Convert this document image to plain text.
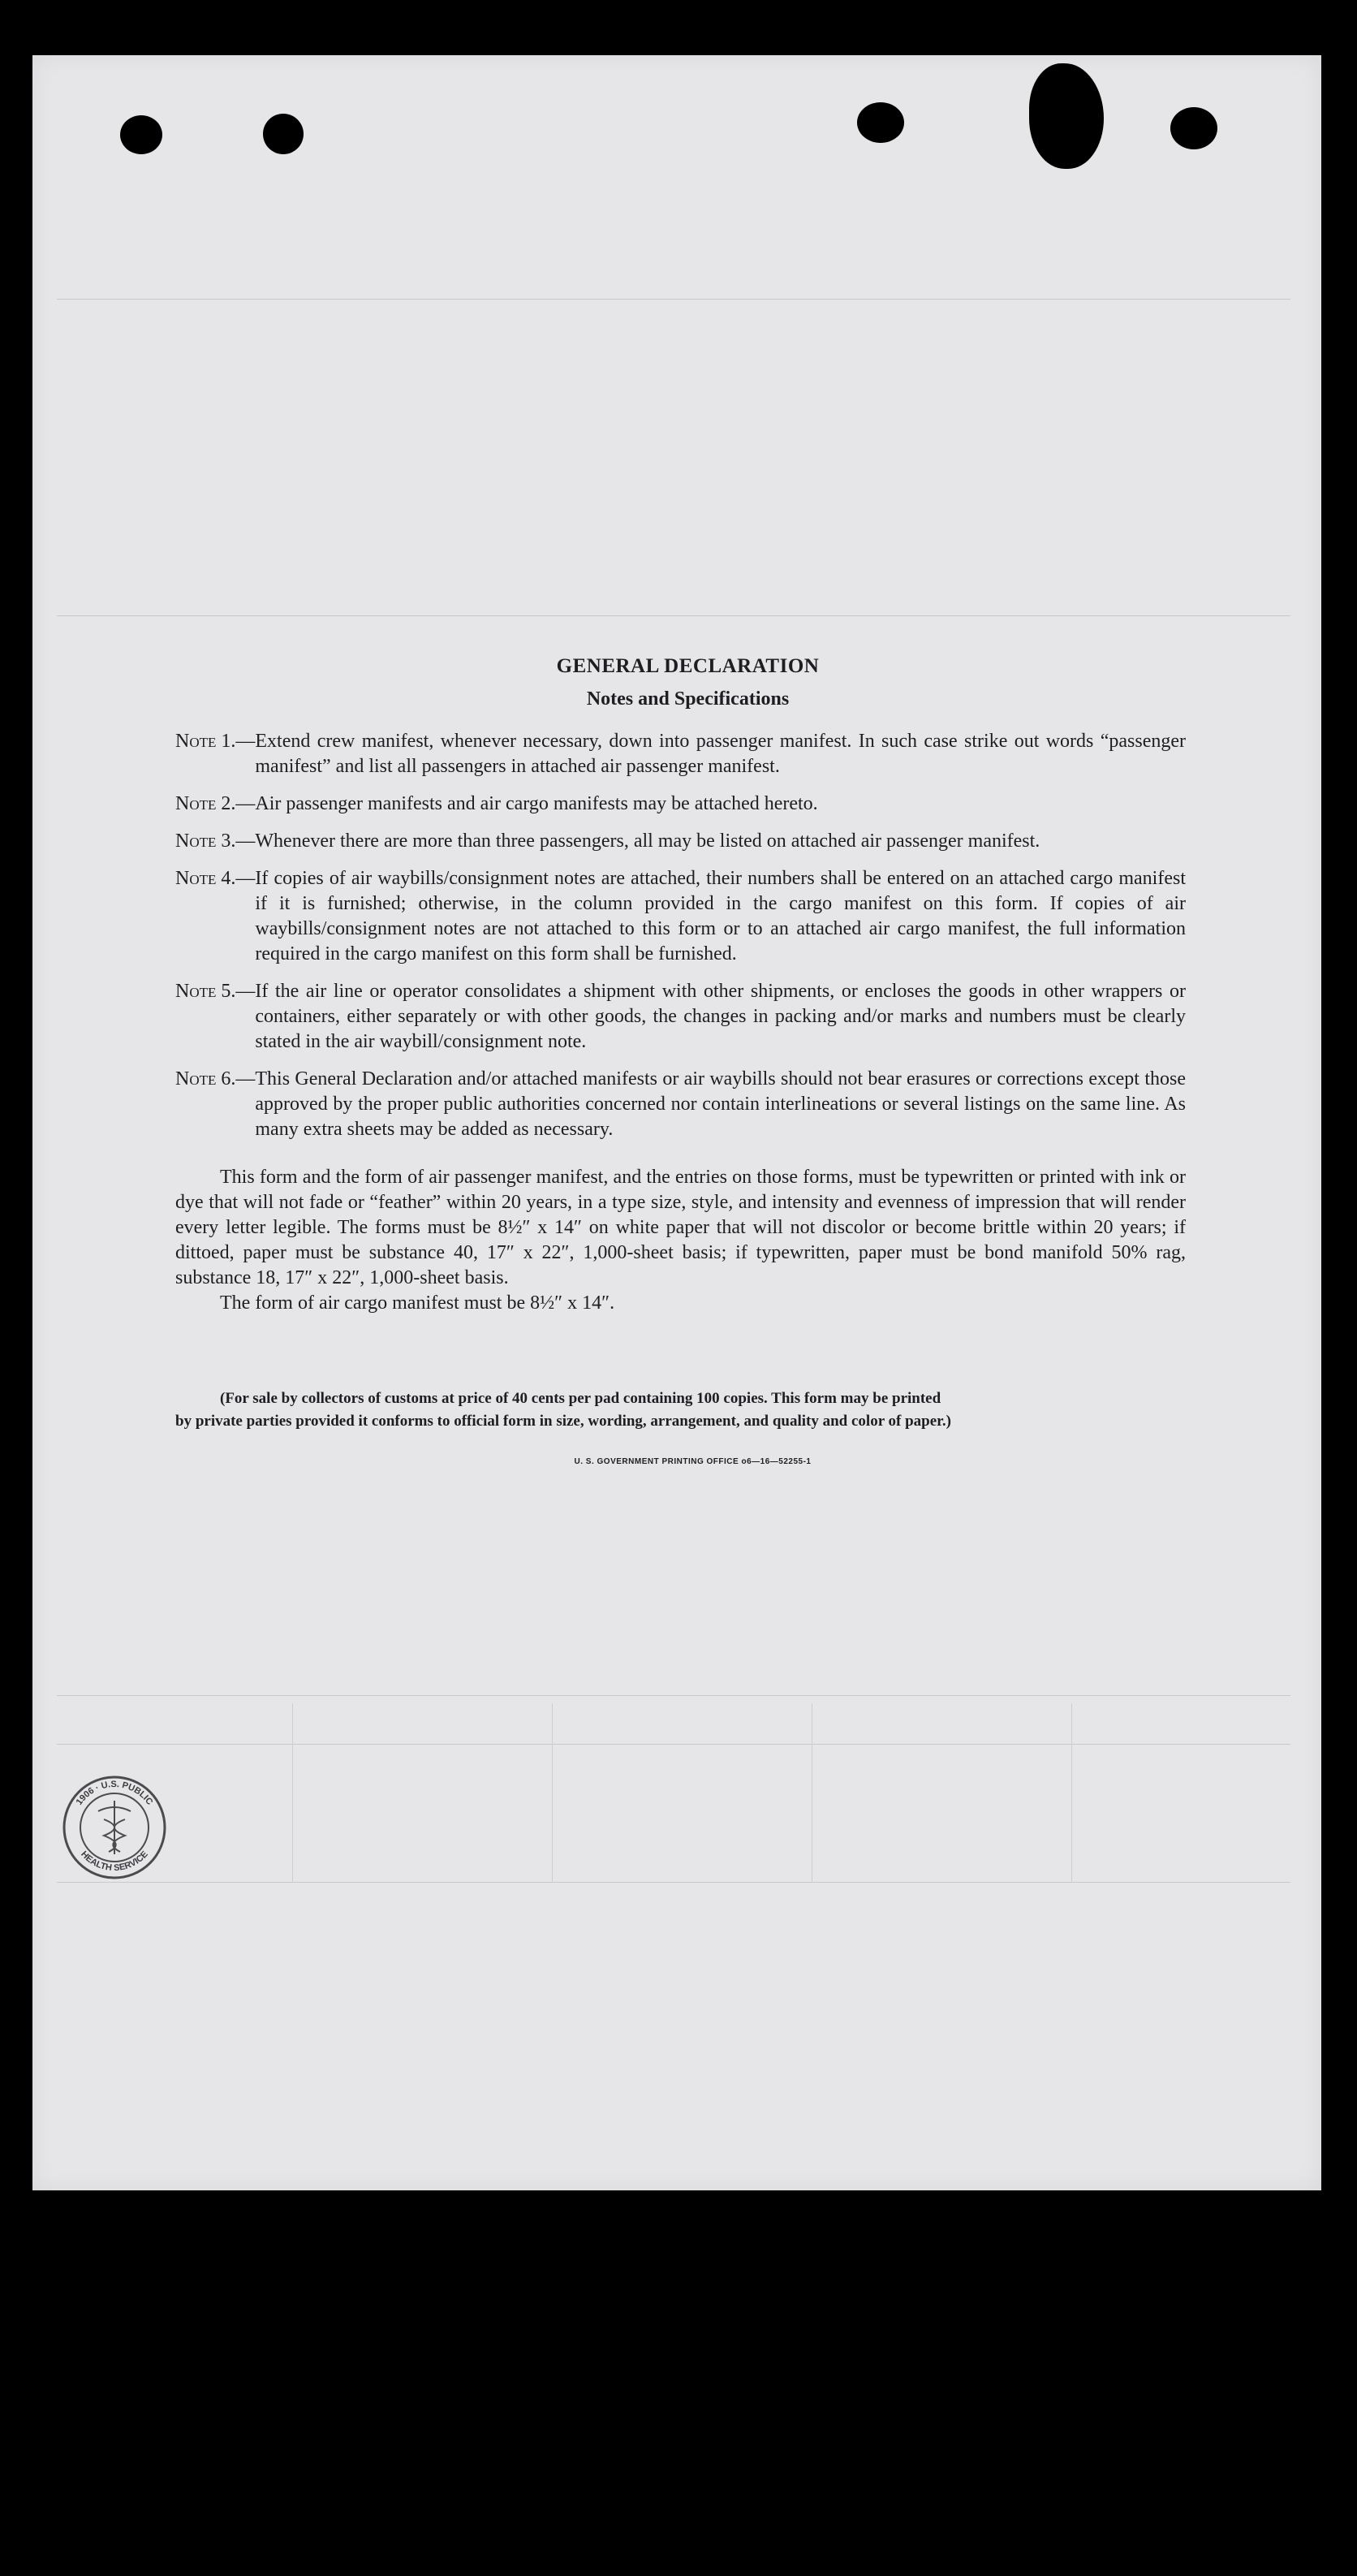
GENERAL DECLARATION
Notes and Specifications
Note 1. — Extend crew manifest, whenever necessary, down into passenger manifest. In such case strike out words “passenger manifest” and list all passengers in attached air passenger manifest.
Note 2. — Air passenger manifests and air cargo manifests may be attached hereto.
Note 3. — Whenever there are more than three passengers, all may be listed on attached air passenger manifest.
Note 4. — If copies of air waybills/consignment notes are attached, their numbers shall be entered on an attached cargo manifest if it is furnished; otherwise, in the column provided in the cargo manifest on this form. If copies of air waybills/consignment notes are not attached to this form or to an attached air cargo manifest, the full information required in the cargo manifest on this form shall be furnished.
Note 5. — If the air line or operator consolidates a shipment with other shipments, or encloses the goods in other wrappers or containers, either separately or with other goods, the changes in packing and/or marks and numbers must be clearly stated in the air waybill/consignment note.
Note 6. — This General Declaration and/or attached manifests or air waybills should not bear erasures or corrections except those approved by the proper public authorities concerned nor contain interlineations or several listings on the same line. As many extra sheets may be added as necessary.

This form and the form of air passenger manifest, and the entries on those forms, must be typewritten or printed with ink or dye that will not fade or “feather” within 20 years, in a type size, style, and intensity and evenness of impression that will render every letter legible. The forms must be 8½″ x 14″ on white paper that will not discolor or become brittle within 20 years; if dittoed, paper must be substance 40, 17″ x 22″, 1,000-sheet basis; if typewritten, paper must be bond manifold 50% rag, substance 18, 17″ x 22″, 1,000-sheet basis.

The form of air cargo manifest must be 8½″ x 14″.

(For sale by collectors of customs at price of 40 cents per pad containing 100 copies. This form may be printed
by private parties provided it conforms to official form in size, wording, arrangement, and quality and color of paper.)
U. S. GOVERNMENT PRINTING OFFICE o6—16—52255-1
1906 · U.S. PUBLIC
HEALTH SERVICE
